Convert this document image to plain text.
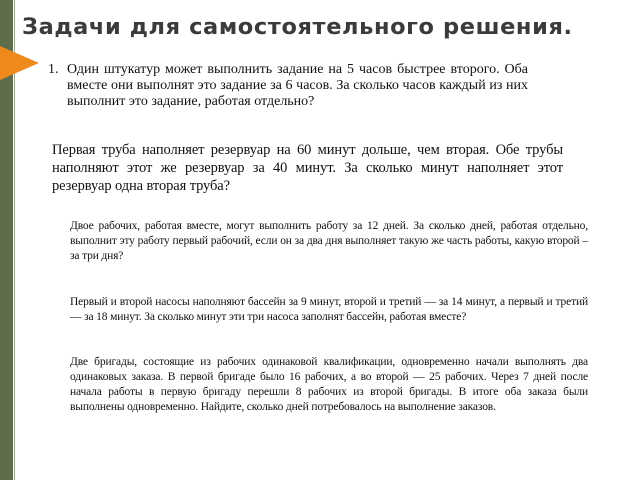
Задачи для самостоятельного решения.

1. Один штукатур может выполнить задание на 5 часов быстрее второго. Оба вместе они выполнят это задание за 6 часов. За сколько часов каждый из них выполнит это задание, работая отдельно?

Первая труба наполняет резервуар на 60 минут дольше, чем вторая. Обе трубы наполняют этот же резервуар за 40 минут. За сколько минут наполняет этот резервуар одна вторая труба?

Двое рабочих, работая вместе, могут выполнить работу за 12 дней. За сколько дней, работая отдельно, выполнит эту работу первый рабочий, если он за два дня выполняет такую же часть работы, какую второй – за три дня?

Первый и второй насосы наполняют бассейн за 9 минут, второй и третий — за 14 минут, а первый и третий — за 18 минут. За сколько минут эти три насоса заполнят бассейн, работая вместе?

Две бригады, состоящие из рабочих одинаковой квалификации, одновременно начали выполнять два одинаковых заказа. В первой бригаде было 16 рабочих, а во второй — 25 рабочих. Через 7 дней после начала работы в первую бригаду перешли 8 рабочих из второй бригады. В итоге оба заказа были выполнены одновременно. Найдите, сколько дней потребовалось на выполнение заказов.
